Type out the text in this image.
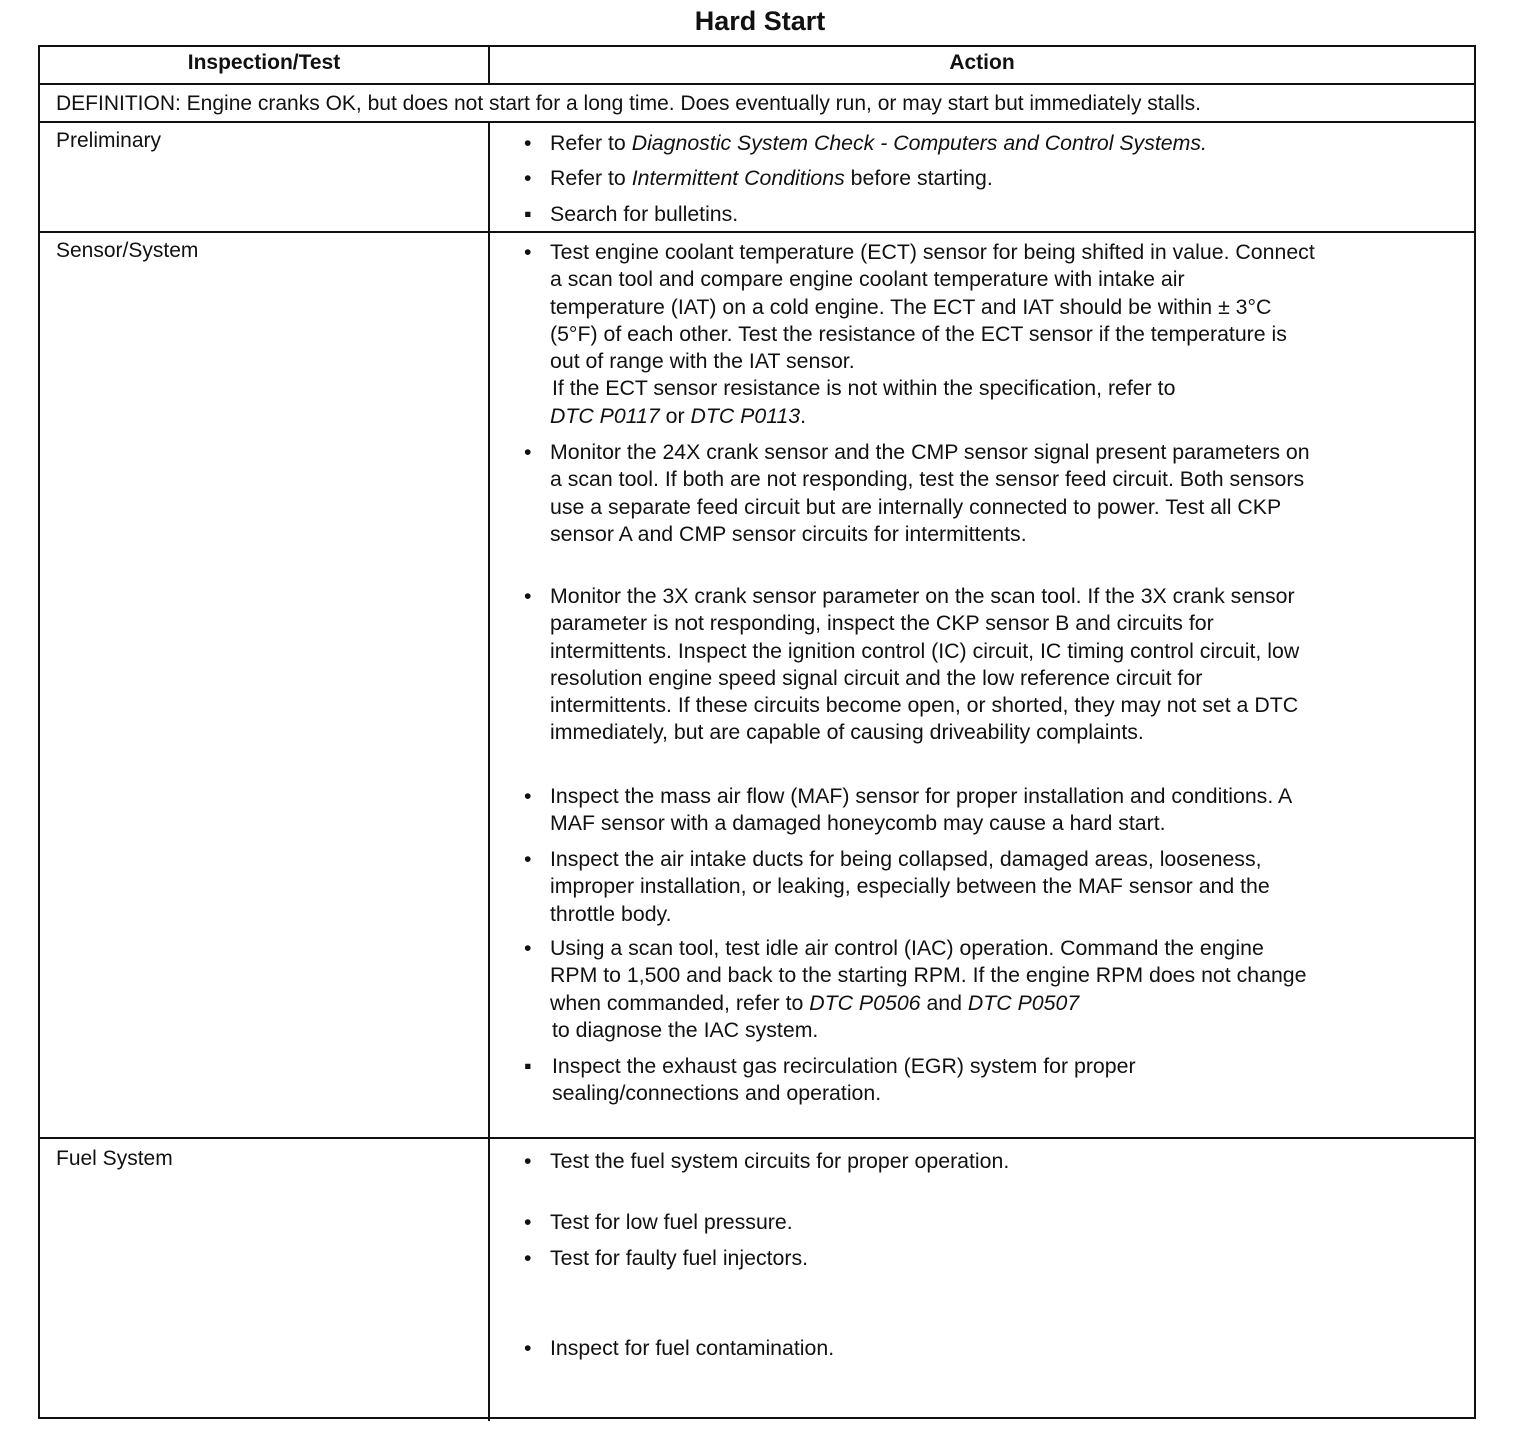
Hard Start
Inspection/Test	Action
DEFINITION: Engine cranks OK, but does not start for a long time. Does eventually run, or may start but immediately stalls.
Preliminary	• Refer to Diagnostic System Check - Computers and Control Systems.
• Refer to Intermittent Conditions before starting.
▪ Search for bulletins.
Sensor/System	• Test engine coolant temperature (ECT) sensor for being shifted in value. Connect
a scan tool and compare engine coolant temperature with intake air
temperature (IAT) on a cold engine. The ECT and IAT should be within ± 3°C
(5°F) of each other. Test the resistance of the ECT sensor if the temperature is
out of range with the IAT sensor.
If the ECT sensor resistance is not within the specification, refer to
DTC P0117 or DTC P0113.
• Monitor the 24X crank sensor and the CMP sensor signal present parameters on
a scan tool. If both are not responding, test the sensor feed circuit. Both sensors
use a separate feed circuit but are internally connected to power. Test all CKP
sensor A and CMP sensor circuits for intermittents.
• Monitor the 3X crank sensor parameter on the scan tool. If the 3X crank sensor
parameter is not responding, inspect the CKP sensor B and circuits for
intermittents. Inspect the ignition control (IC) circuit, IC timing control circuit, low
resolution engine speed signal circuit and the low reference circuit for
intermittents. If these circuits become open, or shorted, they may not set a DTC
immediately, but are capable of causing driveability complaints.
• Inspect the mass air flow (MAF) sensor for proper installation and conditions. A
MAF sensor with a damaged honeycomb may cause a hard start.
• Inspect the air intake ducts for being collapsed, damaged areas, looseness,
improper installation, or leaking, especially between the MAF sensor and the
throttle body.
• Using a scan tool, test idle air control (IAC) operation. Command the engine
RPM to 1,500 and back to the starting RPM. If the engine RPM does not change
when commanded, refer to DTC P0506 and DTC P0507
to diagnose the IAC system.
▪ Inspect the exhaust gas recirculation (EGR) system for proper
sealing/connections and operation.
Fuel System	• Test the fuel system circuits for proper operation.
• Test for low fuel pressure.
• Test for faulty fuel injectors.
• Inspect for fuel contamination.
